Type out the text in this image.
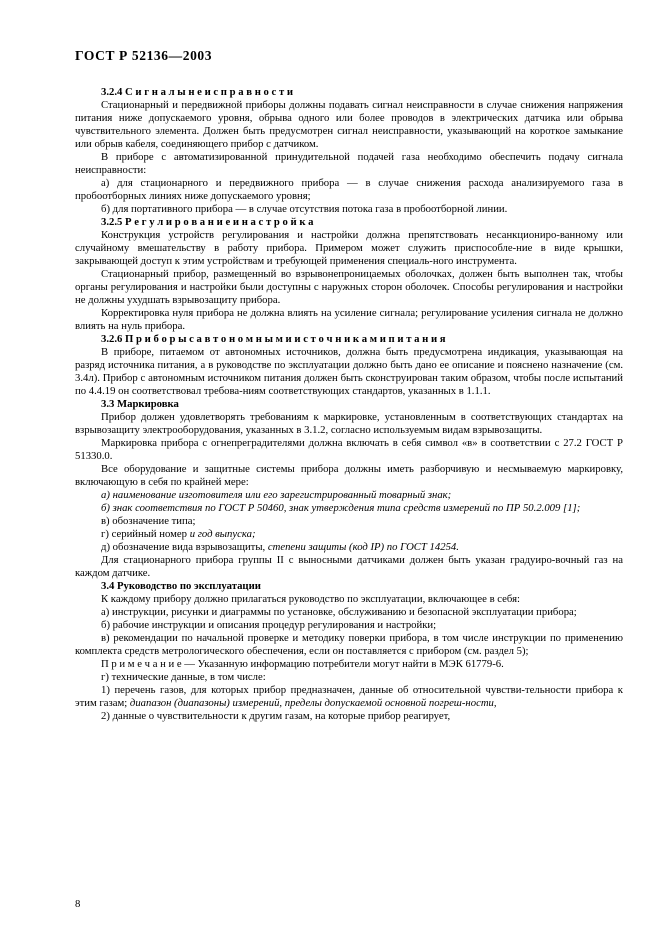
ГОСТ Р 52136—2003

3.2.4 С и г н а л ы н е и с п р а в н о с т и

Стационарный и передвижной приборы должны подавать сигнал неисправности в случае снижения напряжения питания ниже допускаемого уровня, обрыва одного или более проводов в электрических датчика или обрыва чувствительного элемента. Должен быть предусмотрен сигнал неисправности, указывающий на короткое замыкание или обрыв кабеля, соединяющего прибор с датчиком.

В приборе с автоматизированной принудительной подачей газа необходимо обеспечить подачу сигнала неисправности:

а) для стационарного и передвижного прибора — в случае снижения расхода анализируемого газа в пробоотборных линиях ниже допускаемого уровня;

б) для портативного прибора — в случае отсутствия потока газа в пробоотборной линии.

3.2.5 Р е г у л и р о в а н и е и н а с т р о й к а

Конструкция устройств регулирования и настройки должна препятствовать несанкциониро-ванному или случайному вмешательству в работу прибора. Примером может служить приспособле-ние в виде крышки, закрывающей доступ к этим устройствам и требующей применения специаль-ного инструмента.

Стационарный прибор, размещенный во взрывонепроницаемых оболочках, должен быть выполнен так, чтобы органы регулирования и настройки были доступны с наружных сторон оболочек. Способы регулирования и настройки не должны ухудшать взрывозащиту прибора.

Корректировка нуля прибора не должна влиять на усиление сигнала; регулирование усиления сигнала не должно влиять на нуль прибора.

3.2.6 П р и б о р ы с а в т о н о м н ы м и и с т о ч н и к а м и п и т а н и я

В приборе, питаемом от автономных источников, должна быть предусмотрена индикация, указывающая на разряд источника питания, а в руководстве по эксплуатации должно быть дано ее описание и пояснено назначение (см. 3.4л). Прибор с автономным источником питания должен быть сконструирован таким образом, чтобы после испытаний по 4.4.19 он соответствовал требова-ниям соответствующих стандартов, указанных в 1.1.1.

3.3 Маркировка

Прибор должен удовлетворять требованиям к маркировке, установленным в соответствующих стандартах на взрывозащиту электрооборудования, указанных в 3.1.2, согласно используемым видам взрывозащиты.

Маркировка прибора с огнепреградителями должна включать в себя символ «в» в соответствии с 27.2 ГОСТ Р 51330.0.

Все оборудование и защитные системы прибора должны иметь разборчивую и несмываемую маркировку, включающую в себя по крайней мере:

а) наименование изготовителя или его зарегистрированный товарный знак;

б) знак соответствия по ГОСТ Р 50460, знак утверждения типа средств измерений по ПР 50.2.009 [1];

в) обозначение типа;

г) серийный номер и год выпуска;

д) обозначение вида взрывозащиты, степени защиты (код IP) по ГОСТ 14254.

Для стационарного прибора группы II с выносными датчиками должен быть указан градуиро-вочный газ на каждом датчике.

3.4 Руководство по эксплуатации

К каждому прибору должно прилагаться руководство по эксплуатации, включающее в себя:

а) инструкции, рисунки и диаграммы по установке, обслуживанию и безопасной эксплуатации прибора;

б) рабочие инструкции и описания процедур регулирования и настройки;

в) рекомендации по начальной проверке и методику поверки прибора, в том числе инструкции по применению комплекта средств метрологического обеспечения, если он поставляется с прибором (см. раздел 5);

П р и м е ч а н и е — Указанную информацию потребители могут найти в МЭК 61779-6.

г) технические данные, в том числе:

1) перечень газов, для которых прибор предназначен, данные об относительной чувстви-тельности прибора к этим газам; диапазон (диапазоны) измерений, пределы допускаемой основной погреш-ности,

2) данные о чувствительности к другим газам, на которые прибор реагирует,

8
